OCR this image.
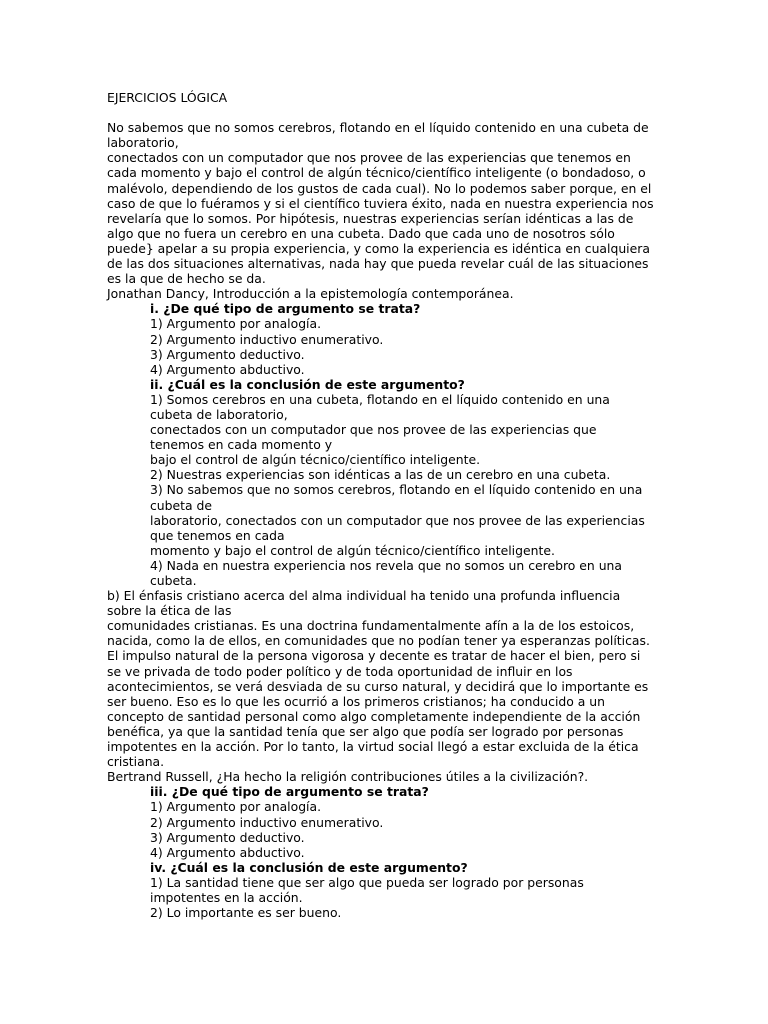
EJERCICIOS LÓGICA
No sabemos que no somos cerebros, flotando en el líquido contenido en una cubeta de
laboratorio,
conectados con un computador que nos provee de las experiencias que tenemos en
cada momento y bajo el control de algún técnico/científico inteligente (o bondadoso, o
malévolo, dependiendo de los gustos de cada cual). No lo podemos saber porque, en el
caso de que lo fuéramos y si el científico tuviera éxito, nada en nuestra experiencia nos
revelaría que lo somos. Por hipótesis, nuestras experiencias serían idénticas a las de
algo que no fuera un cerebro en una cubeta. Dado que cada uno de nosotros sólo
puede} apelar a su propia experiencia, y como la experiencia es idéntica en cualquiera
de las dos situaciones alternativas, nada hay que pueda revelar cuál de las situaciones
es la que de hecho se da.
Jonathan Dancy, Introducción a la epistemología contemporánea.
i. ¿De qué tipo de argumento se trata?
1) Argumento por analogía.
2) Argumento inductivo enumerativo.
3) Argumento deductivo.
4) Argumento abductivo.
ii. ¿Cuál es la conclusión de este argumento?
1) Somos cerebros en una cubeta, flotando en el líquido contenido en una
cubeta de laboratorio,
conectados con un computador que nos provee de las experiencias que
tenemos en cada momento y
bajo el control de algún técnico/científico inteligente.
2) Nuestras experiencias son idénticas a las de un cerebro en una cubeta.
3) No sabemos que no somos cerebros, flotando en el líquido contenido en una
cubeta de
laboratorio, conectados con un computador que nos provee de las experiencias
que tenemos en cada
momento y bajo el control de algún técnico/científico inteligente.
4) Nada en nuestra experiencia nos revela que no somos un cerebro en una
cubeta.
b) El énfasis cristiano acerca del alma individual ha tenido una profunda influencia
sobre la ética de las
comunidades cristianas. Es una doctrina fundamentalmente afín a la de los estoicos,
nacida, como la de ellos, en comunidades que no podían tener ya esperanzas políticas.
El impulso natural de la persona vigorosa y decente es tratar de hacer el bien, pero si
se ve privada de todo poder político y de toda oportunidad de influir en los
acontecimientos, se verá desviada de su curso natural, y decidirá que lo importante es
ser bueno. Eso es lo que les ocurrió a los primeros cristianos; ha conducido a un
concepto de santidad personal como algo completamente independiente de la acción
benéfica, ya que la santidad tenía que ser algo que podía ser logrado por personas
impotentes en la acción. Por lo tanto, la virtud social llegó a estar excluida de la ética
cristiana.
Bertrand Russell, ¿Ha hecho la religión contribuciones útiles a la civilización?.
iii. ¿De qué tipo de argumento se trata?
1) Argumento por analogía.
2) Argumento inductivo enumerativo.
3) Argumento deductivo.
4) Argumento abductivo.
iv. ¿Cuál es la conclusión de este argumento?
1) La santidad tiene que ser algo que pueda ser logrado por personas
impotentes en la acción.
2) Lo importante es ser bueno.
